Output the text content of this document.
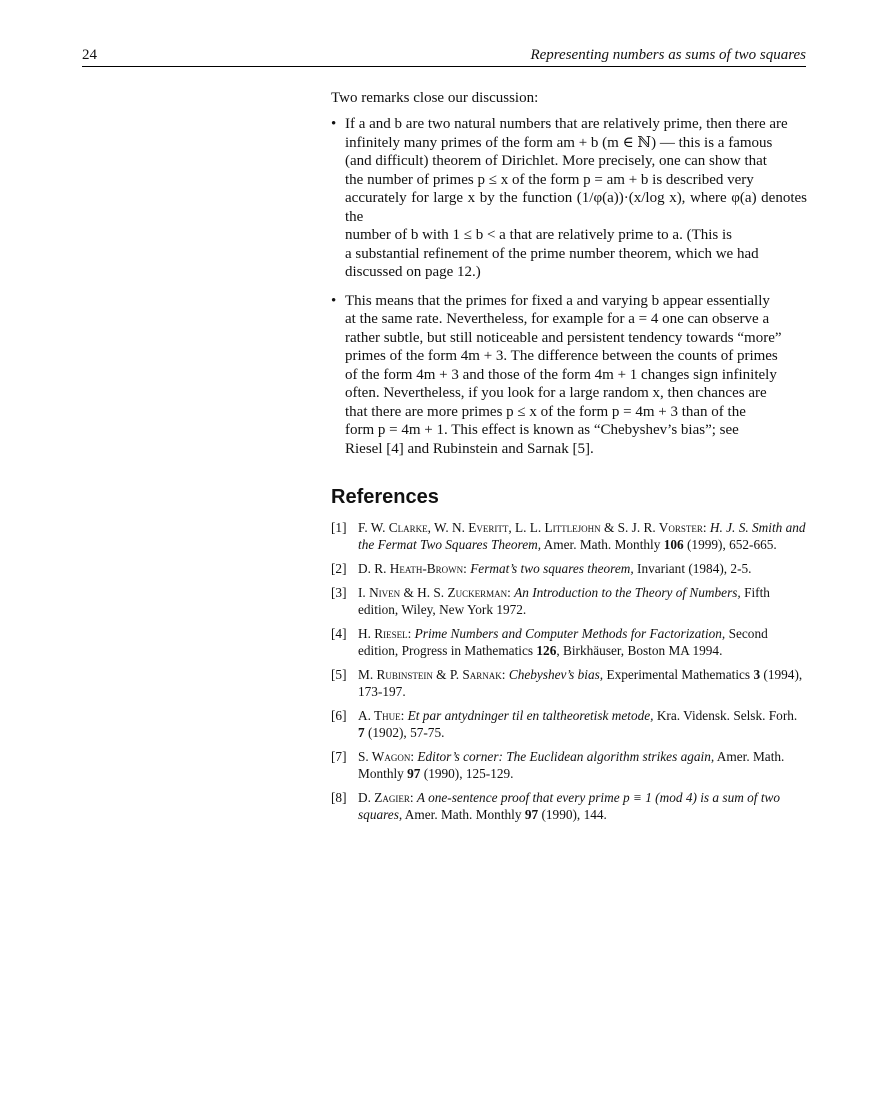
24	Representing numbers as sums of two squares

Two remarks close our discussion:

• If a and b are two natural numbers that are relatively prime, then there are
infinitely many primes of the form am + b (m ∈ ℕ) — this is a famous
(and difficult) theorem of Dirichlet. More precisely, one can show that
the number of primes p ≤ x of the form p = am + b is described very
accurately for large x by the function (1/φ(a))·(x/log x), where φ(a) denotes the
number of b with 1 ≤ b < a that are relatively prime to a. (This is
a substantial refinement of the prime number theorem, which we had
discussed on page 12.)
• This means that the primes for fixed a and varying b appear essentially
at the same rate. Nevertheless, for example for a = 4 one can observe a
rather subtle, but still noticeable and persistent tendency towards “more”
primes of the form 4m + 3. The difference between the counts of primes
of the form 4m + 3 and those of the form 4m + 1 changes sign infinitely
often. Nevertheless, if you look for a large random x, then chances are
that there are more primes p ≤ x of the form p = 4m + 3 than of the
form p = 4m + 1. This effect is known as “Chebyshev’s bias”; see
Riesel [4] and Rubinstein and Sarnak [5].
References
[1] F. W. Clarke, W. N. Everitt, L. L. Littlejohn & S. J. R. Vorster: H. J. S. Smith and the Fermat Two Squares Theorem, Amer. Math. Monthly 106 (1999), 652-665.
[2] D. R. Heath-Brown: Fermat’s two squares theorem, Invariant (1984), 2-5.
[3] I. Niven & H. S. Zuckerman: An Introduction to the Theory of Numbers, Fifth edition, Wiley, New York 1972.
[4] H. Riesel: Prime Numbers and Computer Methods for Factorization, Second edition, Progress in Mathematics 126, Birkhäuser, Boston MA 1994.
[5] M. Rubinstein & P. Sarnak: Chebyshev’s bias, Experimental Mathematics 3 (1994), 173-197.
[6] A. Thue: Et par antydninger til en taltheoretisk metode, Kra. Vidensk. Selsk. Forh. 7 (1902), 57-75.
[7] S. Wagon: Editor’s corner: The Euclidean algorithm strikes again, Amer. Math. Monthly 97 (1990), 125-129.
[8] D. Zagier: A one-sentence proof that every prime p ≡ 1 (mod 4) is a sum of two squares, Amer. Math. Monthly 97 (1990), 144.
